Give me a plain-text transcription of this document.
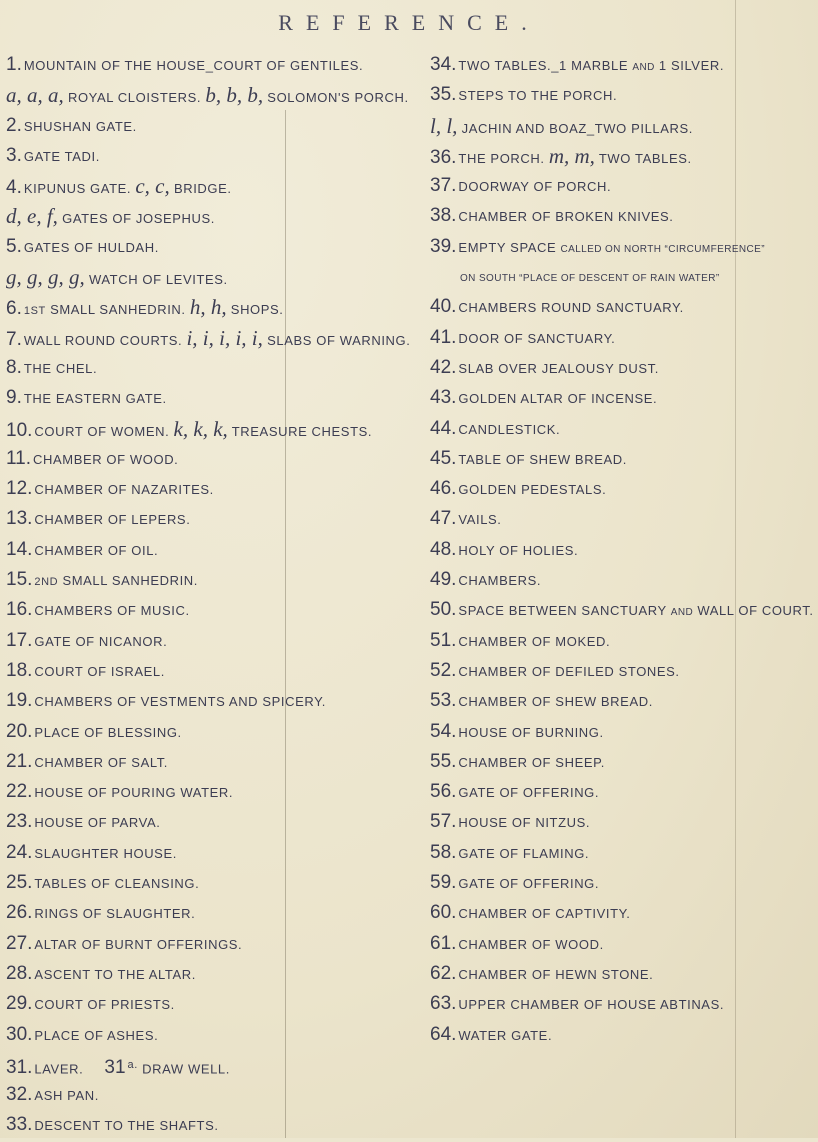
REFERENCE.
1. MOUNTAIN OF THE HOUSE_COURT OF GENTILES.
a, a, a, ROYAL CLOISTERS. b, b, b, SOLOMON'S PORCH.
2. SHUSHAN GATE.
3. GATE TADI.
4. KIPUNUS GATE. c, c, BRIDGE.
d, e, f, GATES OF JOSEPHUS.
5. GATES OF HULDAH.
g, g, g, g, WATCH OF LEVITES.
6. 1ST SMALL SANHEDRIN. h, h, SHOPS.
7. WALL ROUND COURTS. i, i, i, i, i, SLABS OF WARNING.
8. THE CHEL.
9. THE EASTERN GATE.
10. COURT OF WOMEN. k, k, k, TREASURE CHESTS.
11. CHAMBER OF WOOD.
12. CHAMBER OF NAZARITES.
13. CHAMBER OF LEPERS.
14. CHAMBER OF OIL.
15. 2ND SMALL SANHEDRIN.
16. CHAMBERS OF MUSIC.
17. GATE OF NICANOR.
18. COURT OF ISRAEL.
19. CHAMBERS OF VESTMENTS AND SPICERY.
20. PLACE OF BLESSING.
21. CHAMBER OF SALT.
22. HOUSE OF POURING WATER.
23. HOUSE OF PARVA.
24. SLAUGHTER HOUSE.
25. TABLES OF CLEANSING.
26. RINGS OF SLAUGHTER.
27. ALTAR OF BURNT OFFERINGS.
28. ASCENT TO THE ALTAR.
29. COURT OF PRIESTS.
30. PLACE OF ASHES.
31. LAVER. 31 $^{a.}$ DRAW WELL.
32. ASH PAN.
33. DESCENT TO THE SHAFTS.
34. TWO TABLES._1 MARBLE AND 1 SILVER.
35. STEPS TO THE PORCH.
l, l, JACHIN AND BOAZ_TWO PILLARS.
36. THE PORCH. m, m, TWO TABLES.
37. DOORWAY OF PORCH.
38. CHAMBER OF BROKEN KNIVES.
39. EMPTY SPACE CALLED ON NORTH “CIRCUMFERENCE”
ON SOUTH “PLACE OF DESCENT OF RAIN WATER”
40. CHAMBERS ROUND SANCTUARY.
41. DOOR OF SANCTUARY.
42. SLAB OVER JEALOUSY DUST.
43. GOLDEN ALTAR OF INCENSE.
44. CANDLESTICK.
45. TABLE OF SHEW BREAD.
46. GOLDEN PEDESTALS.
47. VAILS.
48. HOLY OF HOLIES.
49. CHAMBERS.
50. SPACE BETWEEN SANCTUARY AND WALL OF COURT.
51. CHAMBER OF MOKED.
52. CHAMBER OF DEFILED STONES.
53. CHAMBER OF SHEW BREAD.
54. HOUSE OF BURNING.
55. CHAMBER OF SHEEP.
56. GATE OF OFFERING.
57. HOUSE OF NITZUS.
58. GATE OF FLAMING.
59. GATE OF OFFERING.
60. CHAMBER OF CAPTIVITY.
61. CHAMBER OF WOOD.
62. CHAMBER OF HEWN STONE.
63. UPPER CHAMBER OF HOUSE ABTINAS.
64. WATER GATE.
